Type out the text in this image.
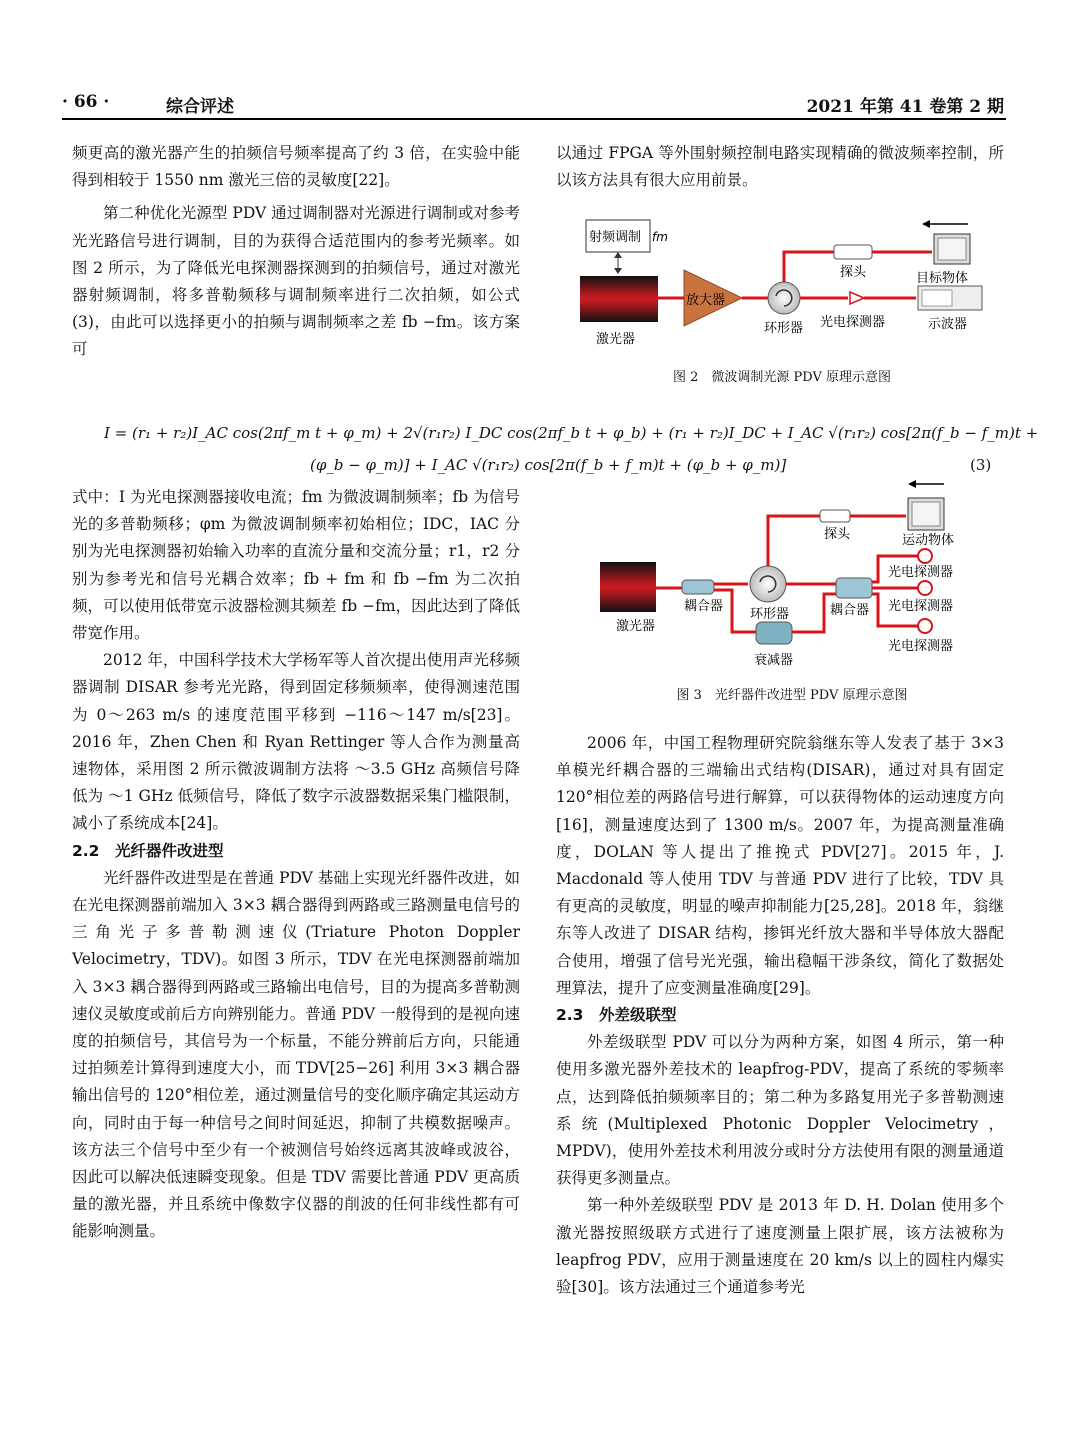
· 66 ·	综合评述	2021 年第 41 卷第 2 期

频更高的激光器产生的拍频信号频率提高了约 3 倍，在实验中能得到相较于 1550 nm 激光三倍的灵敏度[22]。

第二种优化光源型 PDV 通过调制器对光源进行调制或对参考光光路信号进行调制，目的为获得合适范围内的参考光频率。如图 2 所示，为了降低光电探测器探测到的拍频信号，通过对激光器射频调制，将多普勒频移与调制频率进行二次拍频，如公式(3)，由此可以选择更小的拍频与调制频率之差 fb −fm。该方案可

以通过 FPGA 等外围射频控制电路实现精确的微波频率控制，所以该方法具有很大应用前景。

射频调制 fm
激光器
放大器
环形器
探头	目标物体
光电探测器	示波器
图 2　微波调制光源 PDV 原理示意图
I = (r₁ + r₂)I_AC cos(2πf_m t + φ_m) + 2√(r₁r₂) I_DC cos(2πf_b t + φ_b) + (r₁ + r₂)I_DC + I_AC √(r₁r₂) cos[2π(f_b − f_m)t +
(φ_b − φ_m)] + I_AC √(r₁r₂) cos[2π(f_b + f_m)t + (φ_b + φ_m)]	(3)

式中：I 为光电探测器接收电流；fm 为微波调制频率；fb 为信号光的多普勒频移；φm 为微波调制频率初始相位；IDC，IAC 分别为光电探测器初始输入功率的直流分量和交流分量；r1，r2 分别为参考光和信号光耦合效率；fb + fm 和 fb −fm 为二次拍频，可以使用低带宽示波器检测其频差 fb −fm，因此达到了降低带宽作用。

2012 年，中国科学技术大学杨军等人首次提出使用声光移频器调制 DISAR 参考光光路，得到固定移频频率，使得测速范围为 0～263 m/s 的速度范围平移到 −116～147 m/s[23]。2016 年，Zhen Chen 和 Ryan Rettinger 等人合作为测量高速物体，采用图 2 所示微波调制方法将 ～3.5 GHz 高频信号降低为 ～1 GHz 低频信号，降低了数字示波器数据采集门槛限制，减小了系统成本[24]。

2.2　光纤器件改进型

光纤器件改进型是在普通 PDV 基础上实现光纤器件改进，如在光电探测器前端加入 3×3 耦合器得到两路或三路测量电信号的三角光子多普勒测速仪(Triature Photon Doppler Velocimetry，TDV)。如图 3 所示，TDV 在光电探测器前端加入 3×3 耦合器得到两路或三路输出电信号，目的为提高多普勒测速仪灵敏度或前后方向辨别能力。普通 PDV 一般得到的是视向速度的拍频信号，其信号为一个标量，不能分辨前后方向，只能通过拍频差计算得到速度大小，而 TDV[25−26] 利用 3×3 耦合器输出信号的 120°相位差，通过测量信号的变化顺序确定其运动方向，同时由于每一种信号之间时间延迟，抑制了共模数据噪声。该方法三个信号中至少有一个被测信号始终远离其波峰或波谷，因此可以解决低速瞬变现象。但是 TDV 需要比普通 PDV 更高质量的激光器，并且系统中像数字仪器的削波的任何非线性都有可能影响测量。

激光器
耦合器
环形器
探头	运动物体
衰减器
耦合器
光电探测器
光电探测器
光电探测器
图 3　光纤器件改进型 PDV 原理示意图

2006 年，中国工程物理研究院翁继东等人发表了基于 3×3 单模光纤耦合器的三端输出式结构(DISAR)，通过对具有固定 120°相位差的两路信号进行解算，可以获得物体的运动速度方向[16]，测量速度达到了 1300 m/s。2007 年，为提高测量准确度，DOLAN 等人提出了推挽式 PDV[27]。2015 年，J. Macdonald 等人使用 TDV 与普通 PDV 进行了比较，TDV 具有更高的灵敏度，明显的噪声抑制能力[25,28]。2018 年，翁继东等人改进了 DISAR 结构，掺铒光纤放大器和半导体放大器配合使用，增强了信号光光强，输出稳幅干涉条纹，简化了数据处理算法，提升了应变测量准确度[29]。

2.3　外差级联型

外差级联型 PDV 可以分为两种方案，如图 4 所示，第一种使用多激光器外差技术的 leapfrog-PDV，提高了系统的零频率点，达到降低拍频频率目的；第二种为多路复用光子多普勒测速系统(Multiplexed Photonic Doppler Velocimetry，MPDV)，使用外差技术利用波分或时分方法使用有限的测量通道获得更多测量点。

第一种外差级联型 PDV 是 2013 年 D. H. Dolan 使用多个激光器按照级联方式进行了速度测量上限扩展，该方法被称为 leapfrog PDV，应用于测量速度在 20 km/s 以上的圆柱内爆实验[30]。该方法通过三个通道参考光
